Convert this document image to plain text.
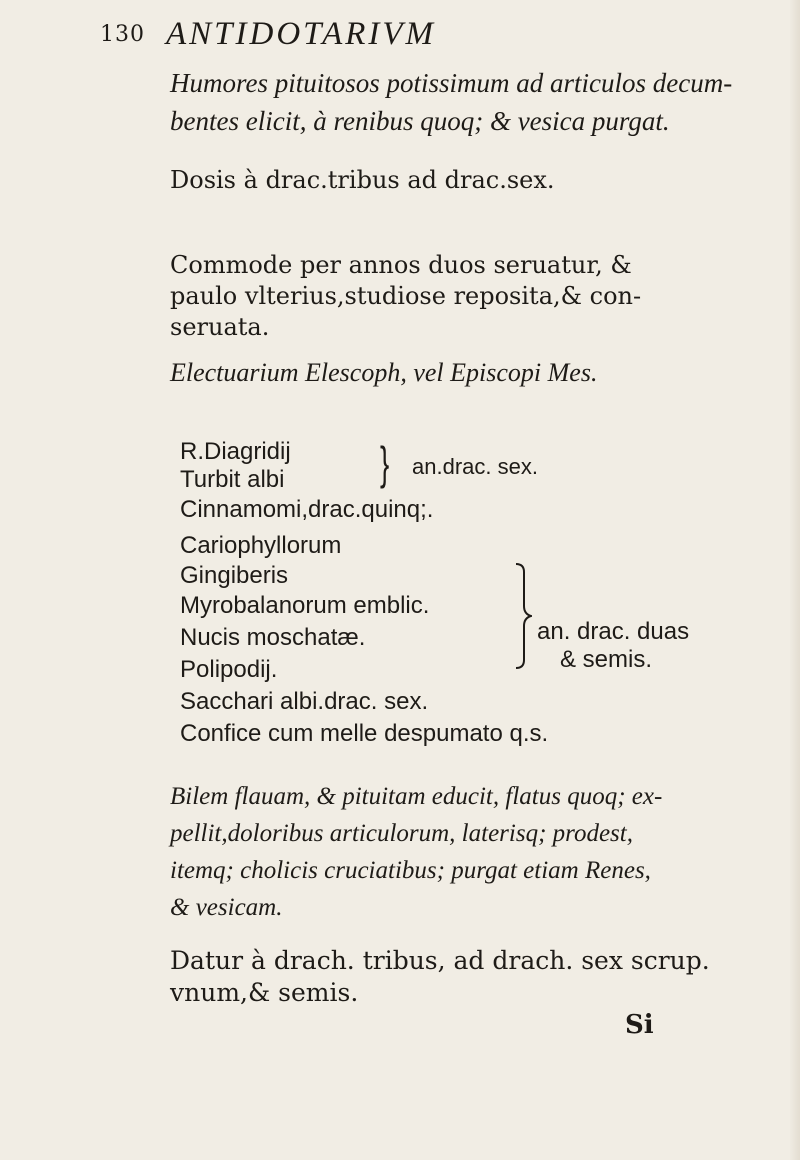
130 ANTIDOTARIVM
Humores pituitosos potissimum ad articulos decum-
bentes elicit, à renibus quoq; & vesica purgat.
Dosis à drac.tribus ad drac.sex.
Commode per annos duos seruatur, &
paulo vlterius,studiose reposita,& con-
seruata.
Electuarium Elescoph, vel Episcopi Mes.
R.Diagridij
Turbit albi } an.drac. sex.
Cinnamomi,drac.quinq;.
Cariophyllorum
Gingiberis
Myrobalanorum emblic.
Nucis moschatæ.
Polipodij.
an. drac. duas
& semis.
Sacchari albi.drac. sex.
Confice cum melle despumato q.s.
Bilem flauam, & pituitam educit, flatus quoq; ex-
pellit,doloribus articulorum, laterisq; prodest,
itemq; cholicis cruciatibus; purgat etiam Renes,
& vesicam.
Datur à drach. tribus, ad drach. sex scrup.
vnum,& semis.
Si
